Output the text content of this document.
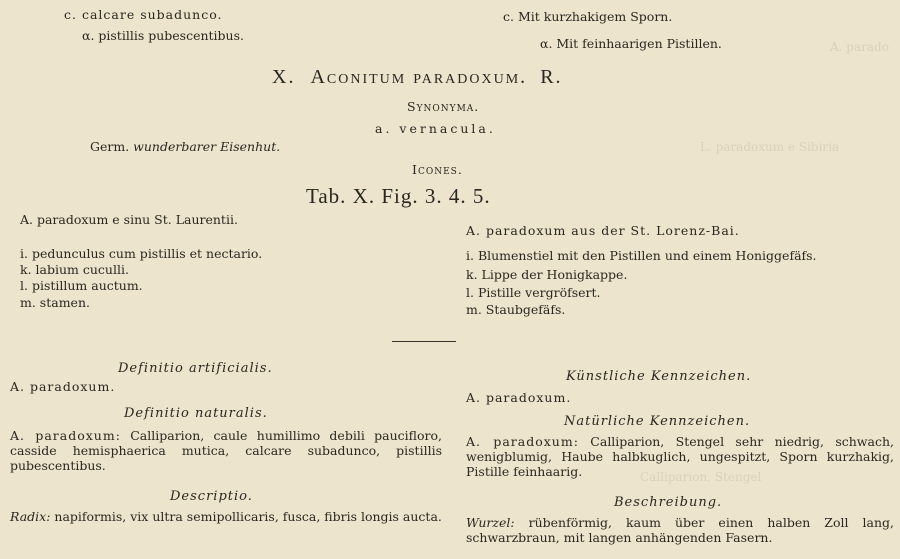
A. parado
L. paradoxum e Sibiria
Calliparion, Stengel
c. calcare subadunco.
α. pistillis pubescentibus.
c. Mit kurzhakigem Sporn.
α. Mit feinhaarigen Pistillen.
X. Aconitum paradoxum. R.
Synonyma.
a. vernacula.
Germ. wunderbarer Eisenhut.
Icones.
Tab. X. Fig. 3. 4. 5.
A. paradoxum e sinu St. Laurentii.
i. pedunculus cum pistillis et nectario.
k. labium cuculli.
l. pistillum auctum.
m. stamen.
A. paradoxum aus der St. Lorenz-Bai.
i. Blumenstiel mit den Pistillen und einem Honiggefäfs.
k. Lippe der Honigkappe.
l. Pistille vergröfsert.
m. Staubgefäfs.
Definitio artificialis.
A. paradoxum.
Definitio naturalis.
A. paradoxum: Calliparion, caule humillimo debili paucifloro, casside hemisphaerica mutica, calcare subadunco, pistillis pubescentibus.
Descriptio.
Radix: napiformis, vix ultra semipollicaris, fusca, fibris longis aucta.
Künstliche Kennzeichen.
A. paradoxum.
Natürliche Kennzeichen.
A. paradoxum: Calliparion, Stengel sehr niedrig, schwach, wenigblumig, Haube halbkuglich, ungespitzt, Sporn kurzhakig, Pistille feinhaarig.
Beschreibung.
Wurzel: rübenförmig, kaum über einen halben Zoll lang, schwarzbraun, mit langen anhängenden Fasern.
